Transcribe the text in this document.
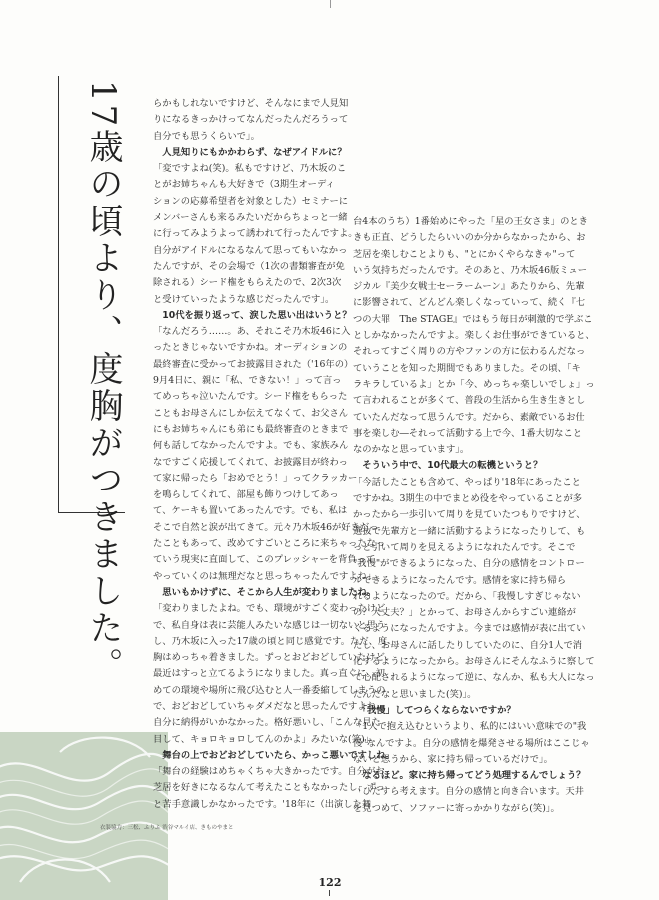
衣装協力：三松、ふりふ 渋谷マルイ店、きものやまと
17歳の頃より、度胸がつきました。	らかもしれないですけど、そんなにまで人見知

りになるきっかけってなんだったんだろうって

自分でも思うくらいで」。

　人見知りにもかかわらず、なぜアイドルに？

「変ですよね(笑)。私もですけど、乃木坂のこ

とがお姉ちゃんも大好きで（3期生オーディ

ションの応募希望者を対象とした）セミナーに

メンバーさんも来るみたいだからちょっと一緒

に行ってみようよって誘われて行ったんですよ。

自分がアイドルになるなんて思ってもいなかっ

たんですが、その会場で（1次の書類審査が免

除される）シード権をもらえたので、2次3次

と受けていったような感じだったんです」。

　10代を振り返って、涙した思い出はいうと？

「なんだろう……。あ、それこそ乃木坂46に入

ったときじゃないですかね。オーディションの

最終審査に受かってお披露目された（'16年の）

9月4日に、親に「私、できない！」って言っ

てめっちゃ泣いたんです。シード権をもらった

こともお母さんにしか伝えてなくて、お父さん

にもお姉ちゃんにも弟にも最終審査のときまで

何も話してなかったんですよ。でも、家族みん

なですごく応援してくれて、お披露目が終わっ

て家に帰ったら「おめでとう！」ってクラッカー

を鳴らしてくれて、部屋も飾りつけしてあっ

て、ケーキも置いてあったんです。でも、私は

そこで自然と涙が出てきて。元々乃木坂46が好きだっ

たこともあって、改めてすごいところに来ちゃったなっ

ていう現実に直面して、このプレッシャーを背負って

やっていくのは無理だなと思っちゃったんですよね」。

　思いもかけずに、そこから人生が変わりましたね。

「変わりましたよね。でも、環境がすごく変わったけど

で、私自身は表に芸能人みたいな感じは一切ないと思う

し、乃木坂に入った17歳の頃と同じ感覚です。ただ、度

胸はめっちゃ着きました。ずっとおどおどしていたけど、

最近はすっと立てるようになりました。真っ直ぐに。初

めての環境や場所に飛び込むと人一番委縮してしまうの

で、おどおどしていちゃダメだなと思ったんですよね。

自分に納得がいかなかった。格好悪いし、「こんな見た

目して、キョロキョロしてんのかよ」みたいな(笑)」。

　舞台の上でおどおどしていたら、かっこ悪いですしね。

「舞台の経験はめちゃくちゃ大きかったです。自分がお

芝居を好きになるなんて考えたこともなかったし、ずっ

と苦手意識しかなかったです。'18年に（出演した舞

台4本のうち）1番始めにやった「星の王女さま」のとき

きも正直、どうしたらいいのか分からなかったから、お

芝居を楽しむことよりも、"とにかくやらなきゃ"って

いう気持ちだったんです。そのあと、乃木坂46版ミュー

ジカル『美少女戦士セーラームーン』あたりから、先輩

に影響されて、どんどん楽しくなっていって、続く『七

つの大罪　The STAGE』ではもう毎日が刺激的で学ぶこ

としかなかったんですよ。楽しくお仕事ができていると、

それってすごく周りの方やファンの方に伝わるんだなっ

ていうことを知った期間でもありました。その頃、「キ

ラキラしているよ」とか「今、めっちゃ楽しいでしょ」っ

て言われることが多くて、普段の生活から生き生きとし

ていたんだなって思うんです。だから、素敵でいるお仕

事を楽しむ―それって活動する上で今、1番大切なこと

なのかなと思っています」。

　そういう中で、10代最大の転機というと？

「今話したことも含めて、やっぱり'18年にあったこと

ですかね。3期生の中でまとめ役をやっていることが多

かったから一歩引いて周りを見ていたつもりですけど、

選抜で先輩方と一緒に活動するようになったりして、も

っと引いて周りを見えるようになれたんです。そこで

"我慢"ができるようになった、自分の感情をコントロー

ルできるようになったんです。感情を家に持ち帰ら

れるようになったので。だから、「我慢しすぎじゃない

の？大丈夫？」とかって、お母さんからすごい連絡が

くるようになったんですよ。今までは感情が表に出てい

たし、お母さんに話したりしていたのに、自分1人で消

化するようになったから。お母さんにそんなふうに察して

て心配されるようになって逆に、なんか、私も大人になっ

たんだなと思いました(笑)」。

　「我慢」してつらくならないですか？

「1人で抱え込むというより、私的にはいい意味での"我

慢"なんですよ。自分の感情を爆発させる場所はここじゃ

ないと思うから、家に持ち帰っているだけで」。

　なるほど。家に持ち帰ってどう処理するんでしょう？

「ひたすら考えます。自分の感情と向き合います。天井

を見つめて、ソファーに寄っかかりながら(笑)」。

122
